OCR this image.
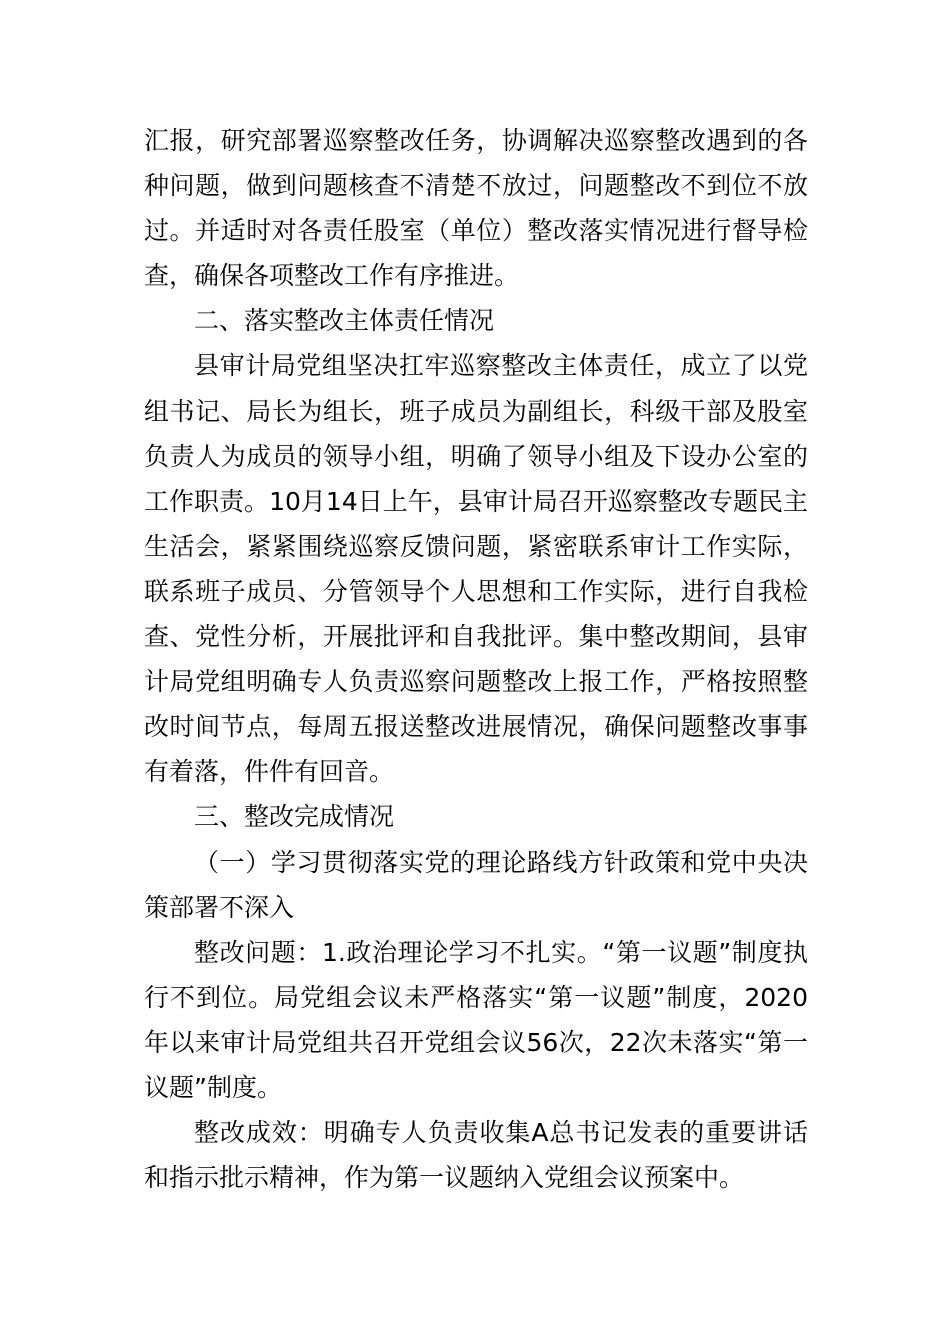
汇报，研究部署巡察整改任务，协调解决巡察整改遇到的各种问题，做到问题核查不清楚不放过，问题整改不到位不放过。并适时对各责任股室（单位）整改落实情况进行督导检查，确保各项整改工作有序推进。

二、落实整改主体责任情况

县审计局党组坚决扛牢巡察整改主体责任，成立了以党组书记、局长为组长，班子成员为副组长，科级干部及股室负责人为成员的领导小组，明确了领导小组及下设办公室的工作职责。10月14日上午，县审计局召开巡察整改专题民主生活会，紧紧围绕巡察反馈问题，紧密联系审计工作实际，联系班子成员、分管领导个人思想和工作实际，进行自我检查、党性分析，开展批评和自我批评。集中整改期间，县审计局党组明确专人负责巡察问题整改上报工作，严格按照整改时间节点，每周五报送整改进展情况，确保问题整改事事有着落，件件有回音。

三、整改完成情况

（一）学习贯彻落实党的理论路线方针政策和党中央决策部署不深入

整改问题：1.政治理论学习不扎实。“第一议题”制度执行不到位。局党组会议未严格落实“第一议题”制度，2020年以来审计局党组共召开党组会议56次，22次未落实“第一议题”制度。

整改成效：明确专人负责收集A总书记发表的重要讲话和指示批示精神，作为第一议题纳入党组会议预案中。
